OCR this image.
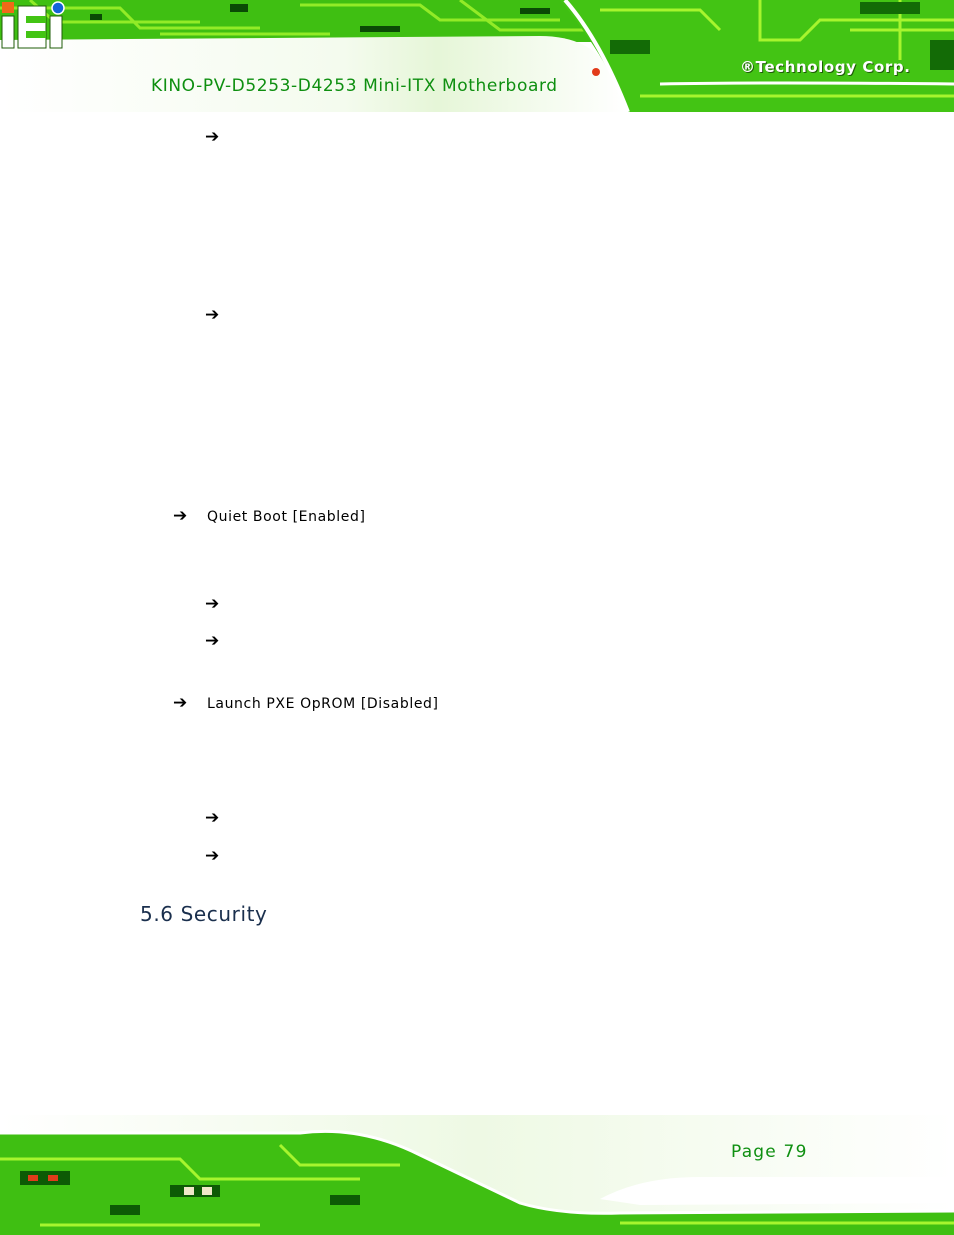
KINO-PV-D5253-D4253 Mini-ITX Motherboard
®Technology Corp.
➔
➔
➔ Quiet Boot [Enabled]
➔
➔
➔ Launch PXE OpROM [Disabled]
➔
➔
5.6 Security
Page 79
